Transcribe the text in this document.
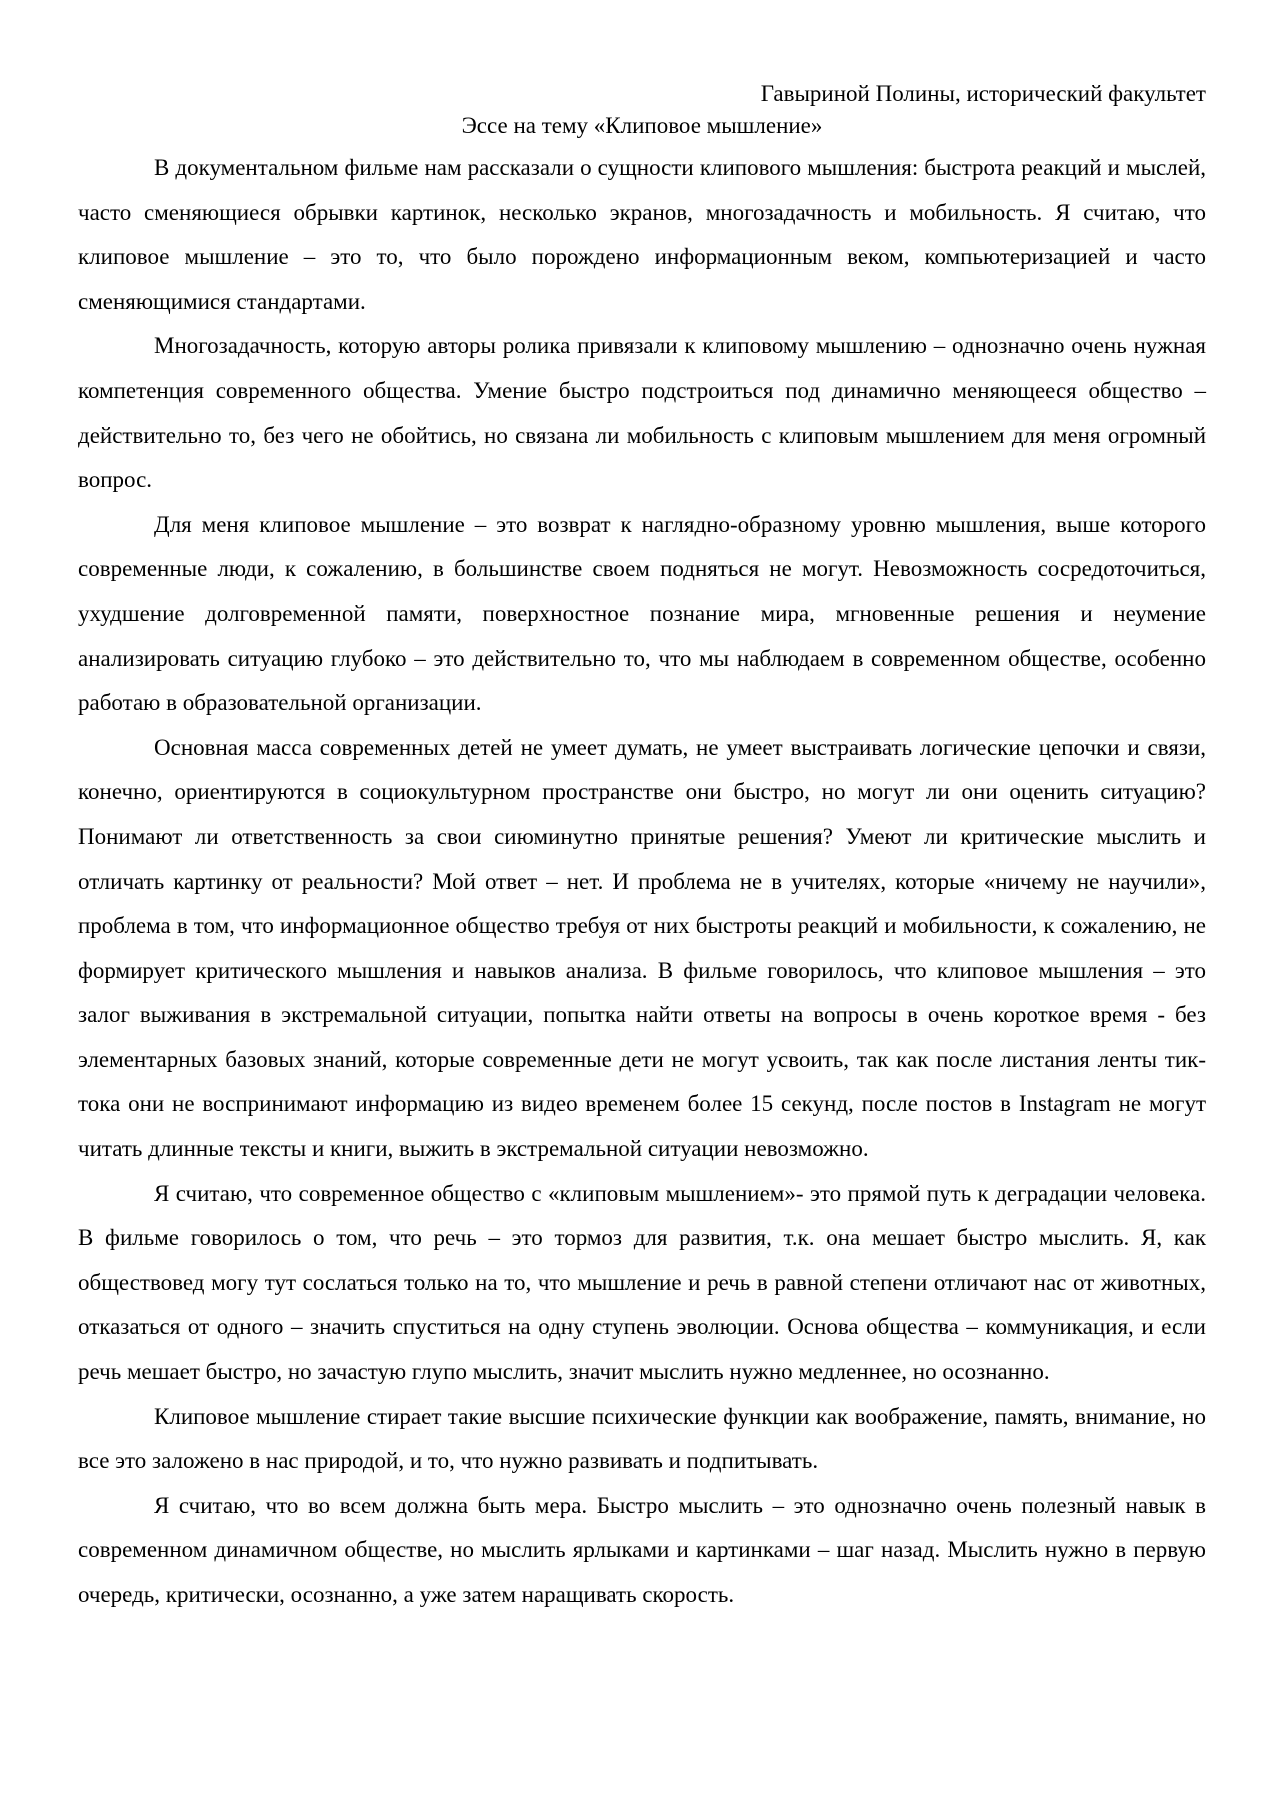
Гавыриной Полины, исторический факультет

Эссе на тему «Клиповое мышление»

В документальном фильме нам рассказали о сущности клипового мышления: быстрота реакций и мыслей, часто сменяющиеся обрывки картинок, несколько экранов, многозадачность и мобильность. Я считаю, что клиповое мышление – это то, что было порождено информационным веком, компьютеризацией и часто сменяющимися стандартами.

Многозадачность, которую авторы ролика привязали к клиповому мышлению – однозначно очень нужная компетенция современного общества. Умение быстро подстроиться под динамично меняющееся общество – действительно то, без чего не обойтись, но связана ли мобильность с клиповым мышлением для меня огромный вопрос.

Для меня клиповое мышление – это возврат к наглядно-образному уровню мышления, выше которого современные люди, к сожалению, в большинстве своем подняться не могут. Невозможность сосредоточиться, ухудшение долговременной памяти, поверхностное познание мира, мгновенные решения и неумение анализировать ситуацию глубоко – это действительно то, что мы наблюдаем в современном обществе, особенно работаю в образовательной организации.

Основная масса современных детей не умеет думать, не умеет выстраивать логические цепочки и связи, конечно, ориентируются в социокультурном пространстве они быстро, но могут ли они оценить ситуацию? Понимают ли ответственность за свои сиюминутно принятые решения? Умеют ли критические мыслить и отличать картинку от реальности? Мой ответ – нет. И проблема не в учителях, которые «ничему не научили», проблема в том, что информационное общество требуя от них быстроты реакций и мобильности, к сожалению, не формирует критического мышления и навыков анализа. В фильме говорилось, что клиповое мышления – это залог выживания в экстремальной ситуации, попытка найти ответы на вопросы в очень короткое время - без элементарных базовых знаний, которые современные дети не могут усвоить, так как после листания ленты тик-тока они не воспринимают информацию из видео временем более 15 секунд, после постов в Instagram не могут читать длинные тексты и книги, выжить в экстремальной ситуации невозможно.

Я считаю, что современное общество с «клиповым мышлением»- это прямой путь к деградации человека. В фильме говорилось о том, что речь – это тормоз для развития, т.к. она мешает быстро мыслить. Я, как обществовед могу тут сослаться только на то, что мышление и речь в равной степени отличают нас от животных, отказаться от одного – значить спуститься на одну ступень эволюции. Основа общества – коммуникация, и если речь мешает быстро, но зачастую глупо мыслить, значит мыслить нужно медленнее, но осознанно.

Клиповое мышление стирает такие высшие психические функции как воображение, память, внимание, но все это заложено в нас природой, и то, что нужно развивать и подпитывать.

Я считаю, что во всем должна быть мера. Быстро мыслить – это однозначно очень полезный навык в современном динамичном обществе, но мыслить ярлыками и картинками – шаг назад. Мыслить нужно в первую очередь, критически, осознанно, а уже затем наращивать скорость.
